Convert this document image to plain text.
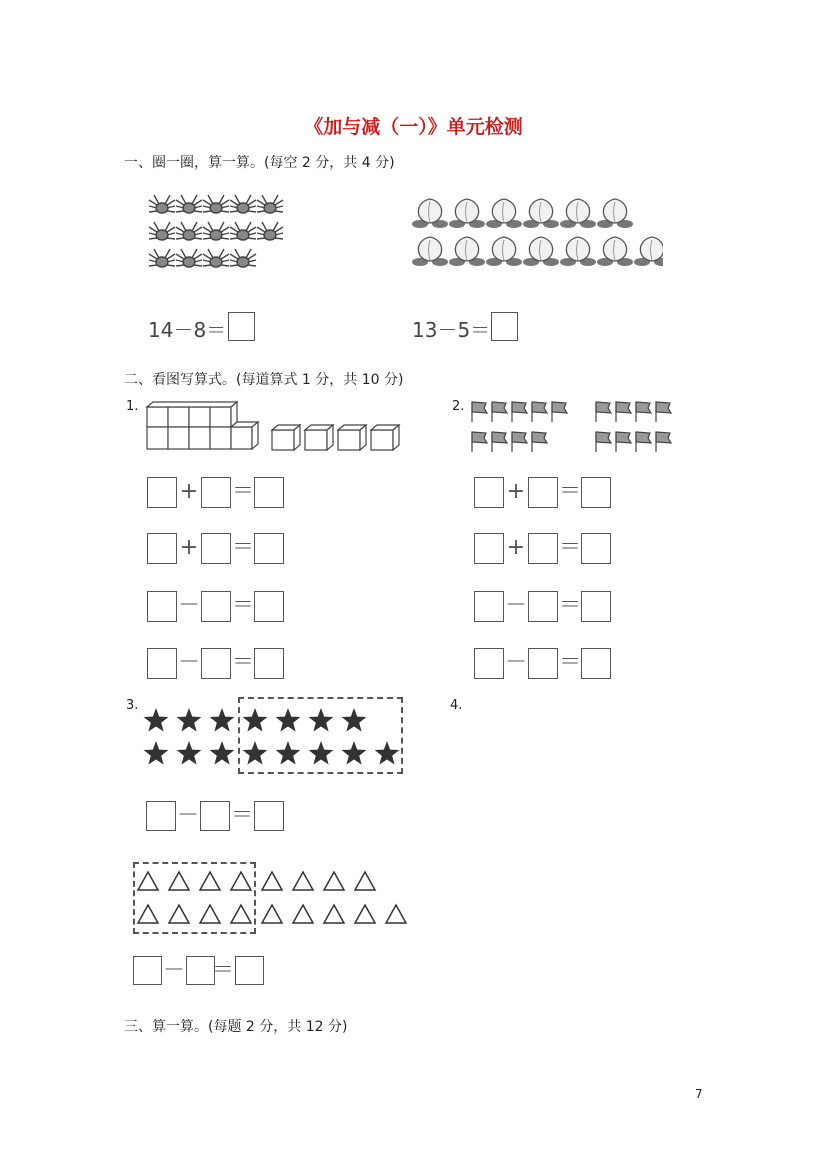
《加与减（一）》单元检测
一、圈一圈，算一算。(每空 2 分，共 4 分)
14－8＝	13－5＝
二、看图写算式。(每道算式 1 分，共 10 分)
1.	2.
+ ＝
+ ＝
－ ＝
－ ＝
+ ＝
+ ＝
－ ＝
－ ＝
3.	4.
－ ＝
－ ＝
三、算一算。(每题 2 分，共 12 分)
7
